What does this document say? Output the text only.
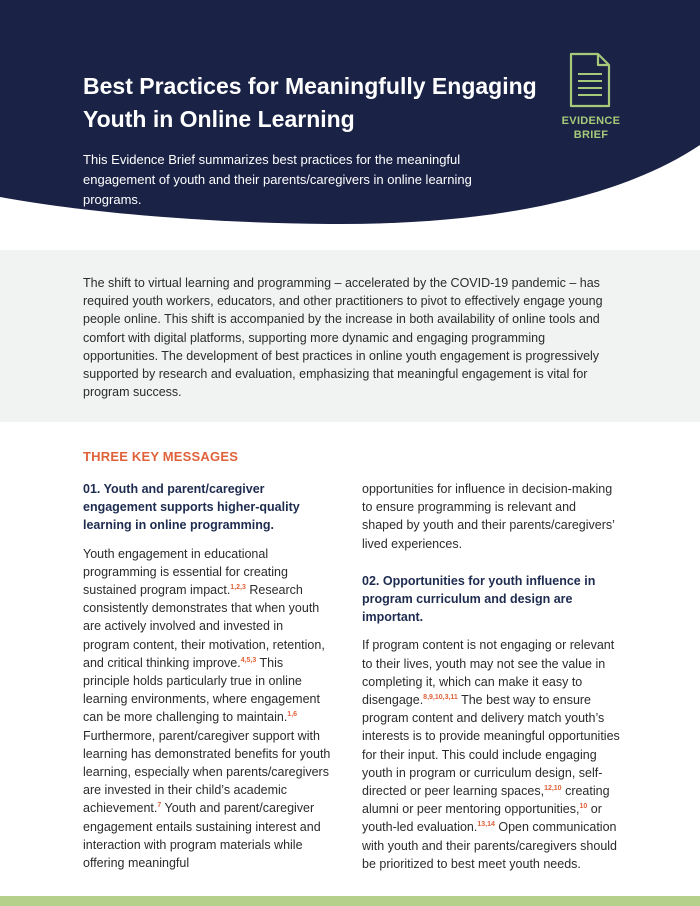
Best Practices for Meaningfully Engaging Youth in Online Learning

This Evidence Brief summarizes best practices for the meaningful engagement of youth and their parents/caregivers in online learning programs.

EVIDENCE
BRIEF

The shift to virtual learning and programming – accelerated by the COVID-19 pandemic – has required youth workers, educators, and other practitioners to pivot to effectively engage young people online. This shift is accompanied by the increase in both availability of online tools and comfort with digital platforms, supporting more dynamic and engaging programming opportunities. The development of best practices in online youth engagement is progressively supported by research and evaluation, emphasizing that meaningful engagement is vital for program success.

THREE KEY MESSAGES
01. Youth and parent/caregiver engagement supports higher-quality learning in online programming.

Youth engagement in educational programming is essential for creating sustained program impact.$^{1,2,3}$ Research consistently demonstrates that when youth are actively involved and invested in program content, their motivation, retention, and critical thinking improve.$^{4,5,3}$ This principle holds particularly true in online learning environments, where engagement can be more challenging to maintain.$^{1,6}$ Furthermore, parent/caregiver support with learning has demonstrated benefits for youth learning, especially when parents/caregivers are invested in their child’s academic achievement.$^7$ Youth and parent/caregiver engagement entails sustaining interest and interaction with program materials while offering meaningful

opportunities for influence in decision-making to ensure programming is relevant and shaped by youth and their parents/caregivers’ lived experiences.

02. Opportunities for youth influence in program curriculum and design are important.

If program content is not engaging or relevant to their lives, youth may not see the value in completing it, which can make it easy to disengage.$^{8,9,10,3,11}$ The best way to ensure program content and delivery match youth’s interests is to provide meaningful opportunities for their input. This could include engaging youth in program or curriculum design, self-directed or peer learning spaces,$^{12,10}$ creating alumni or peer mentoring opportunities,$^{10}$ or youth-led evaluation.$^{13,14}$ Open communication with youth and their parents/caregivers should be prioritized to best meet youth needs.
